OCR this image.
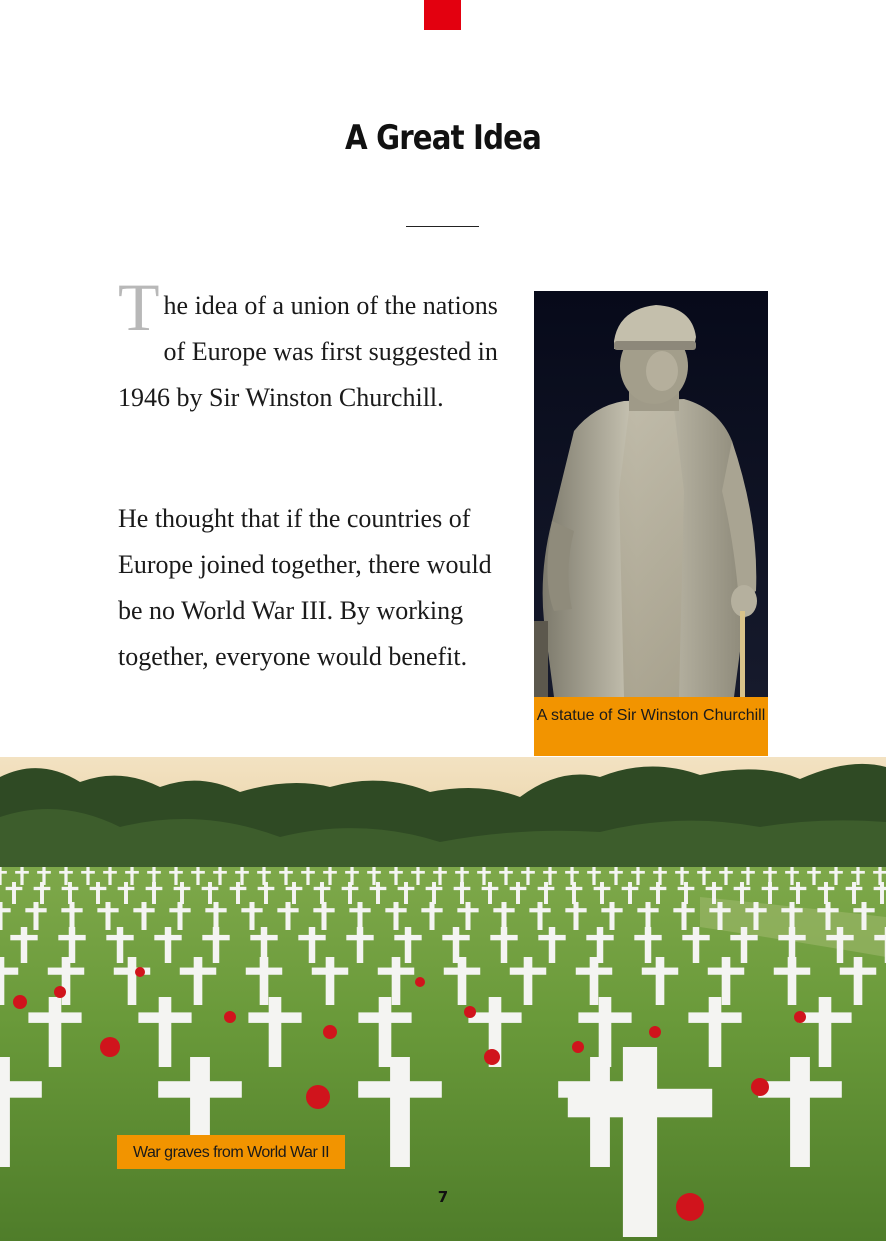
A Great Idea

T he idea of a union of the nations of Europe was first suggested in 1946 by Sir Winston Churchill.

He thought that if the countries of Europe joined together, there would be no World War III. By working together, everyone would benefit.

A statue of Sir Winston Churchill
War graves from World War II
7
